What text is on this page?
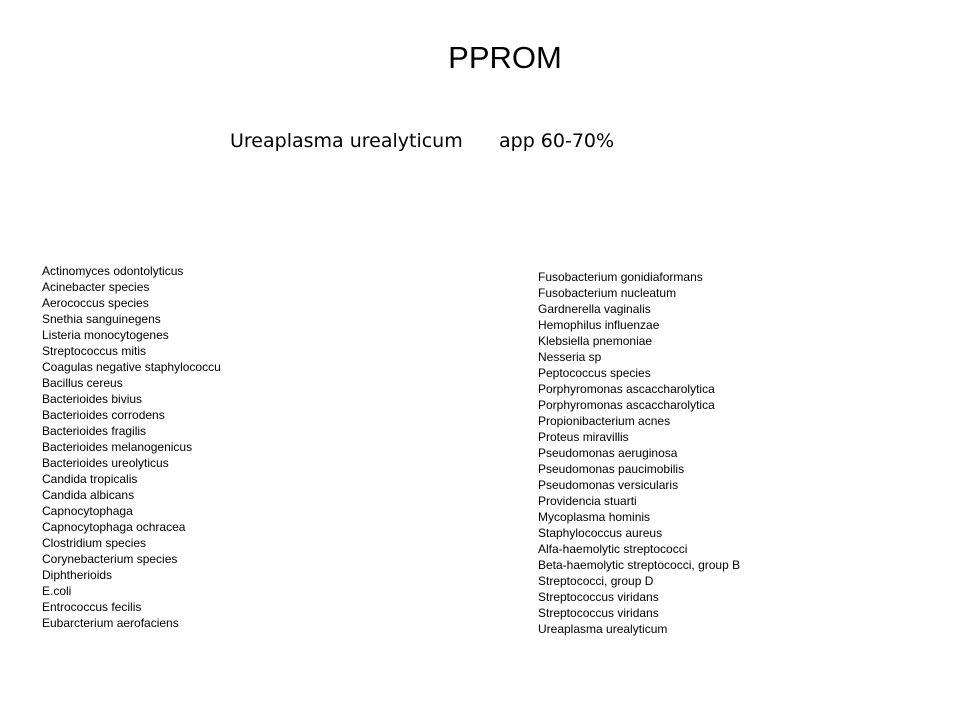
PPROM
Ureaplasma urealyticum app 60-70%
Actinomyces odontolyticus
Acinebacter species
Aerococcus species
Snethia sanguinegens
Listeria monocytogenes
Streptococcus mitis
Coagulas negative staphylococcu
Bacillus cereus
Bacterioides bivius
Bacterioides corrodens
Bacterioides fragilis
Bacterioides melanogenicus
Bacterioides ureolyticus
Candida tropicalis
Candida albicans
Capnocytophaga
Capnocytophaga ochracea
Clostridium species
Corynebacterium species
Diphtherioids
E.coli
Entrococcus fecilis
Eubarcterium aerofaciens
Fusobacterium gonidiaformans
Fusobacterium nucleatum
Gardnerella vaginalis
Hemophilus influenzae
Klebsiella pnemoniae
Nesseria sp
Peptococcus species
Porphyromonas ascaccharolytica
Porphyromonas ascaccharolytica
Propionibacterium acnes
Proteus miravillis
Pseudomonas aeruginosa
Pseudomonas paucimobilis
Pseudomonas versicularis
Providencia stuarti
Mycoplasma hominis
Staphylococcus aureus
Alfa-haemolytic streptococci
Beta-haemolytic streptococci, group B
Streptococci, group D
Streptococcus viridans
Streptococcus viridans
Ureaplasma urealyticum
